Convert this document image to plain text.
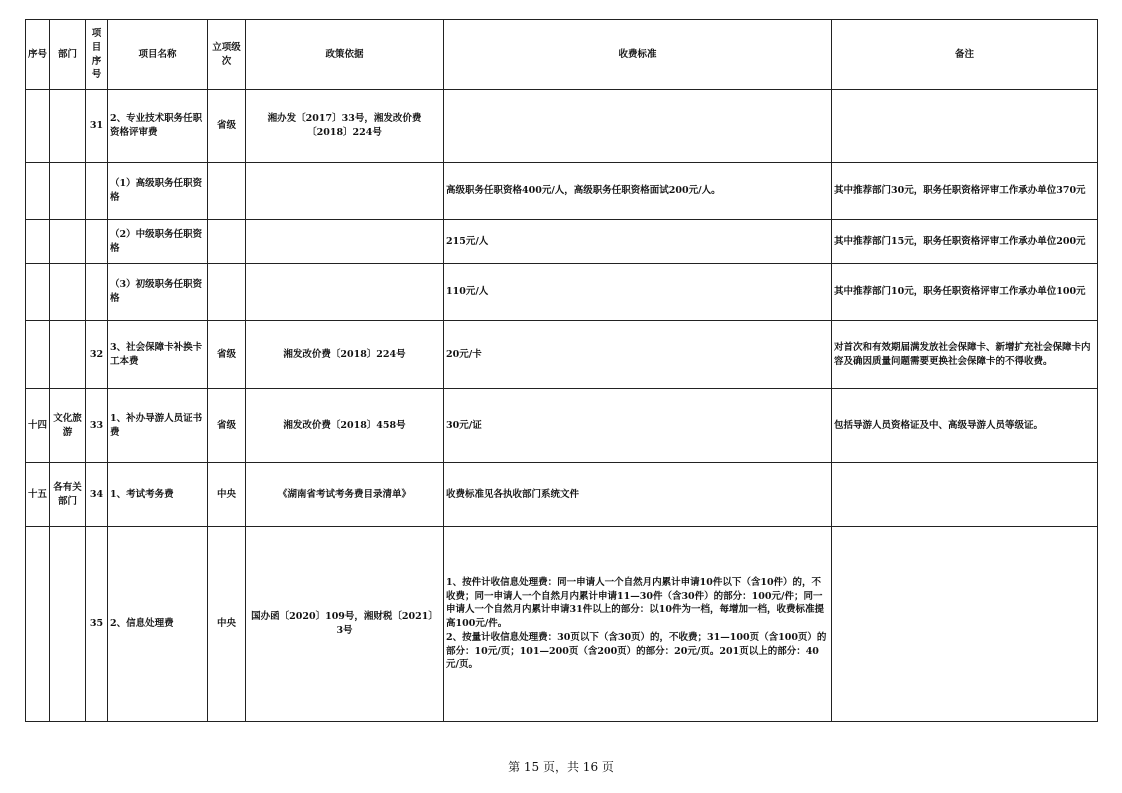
序号	部门	项目序号	项目名称	立项级次	政策依据	收费标准	备注
		31	2、专业技术职务任职资格评审费	省级	湘办发〔2017〕33号，湘发改价费〔2018〕224号		
			（1）高级职务任职资格			高级职务任职资格400元/人，高级职务任职资格面试200元/人。	其中推荐部门30元，职务任职资格评审工作承办单位370元
			（2）中级职务任职资格			215元/人	其中推荐部门15元，职务任职资格评审工作承办单位200元
			（3）初级职务任职资格			110元/人	其中推荐部门10元，职务任职资格评审工作承办单位100元
		32	3、社会保障卡补换卡工本费	省级	湘发改价费〔2018〕224号	20元/卡	对首次和有效期届满发放社会保障卡、新增扩充社会保障卡内容及确因质量问题需要更换社会保障卡的不得收费。
十四	文化旅游	33	1、补办导游人员证书费	省级	湘发改价费〔2018〕458号	30元/证	包括导游人员资格证及中、高级导游人员等级证。
十五	各有关部门	34	1、考试考务费	中央	《湖南省考试考务费目录清单》	收费标准见各执收部门系统文件	
		35	2、信息处理费	中央	国办函〔2020〕109号，湘财税〔2021〕3号	1、按件计收信息处理费：同一申请人一个自然月内累计申请10件以下（含10件）的，不收费；同一申请人一个自然月内累计申请11—30件（含30件）的部分：100元/件；同一申请人一个自然月内累计申请31件以上的部分：以10件为一档，每增加一档，收费标准提高100元/件。
2、按量计收信息处理费：30页以下（含30页）的，不收费；31—100页（含100页）的部分：10元/页；101—200页（含200页）的部分：20元/页。201页以上的部分：40元/页。	
第 15 页，共 16 页
